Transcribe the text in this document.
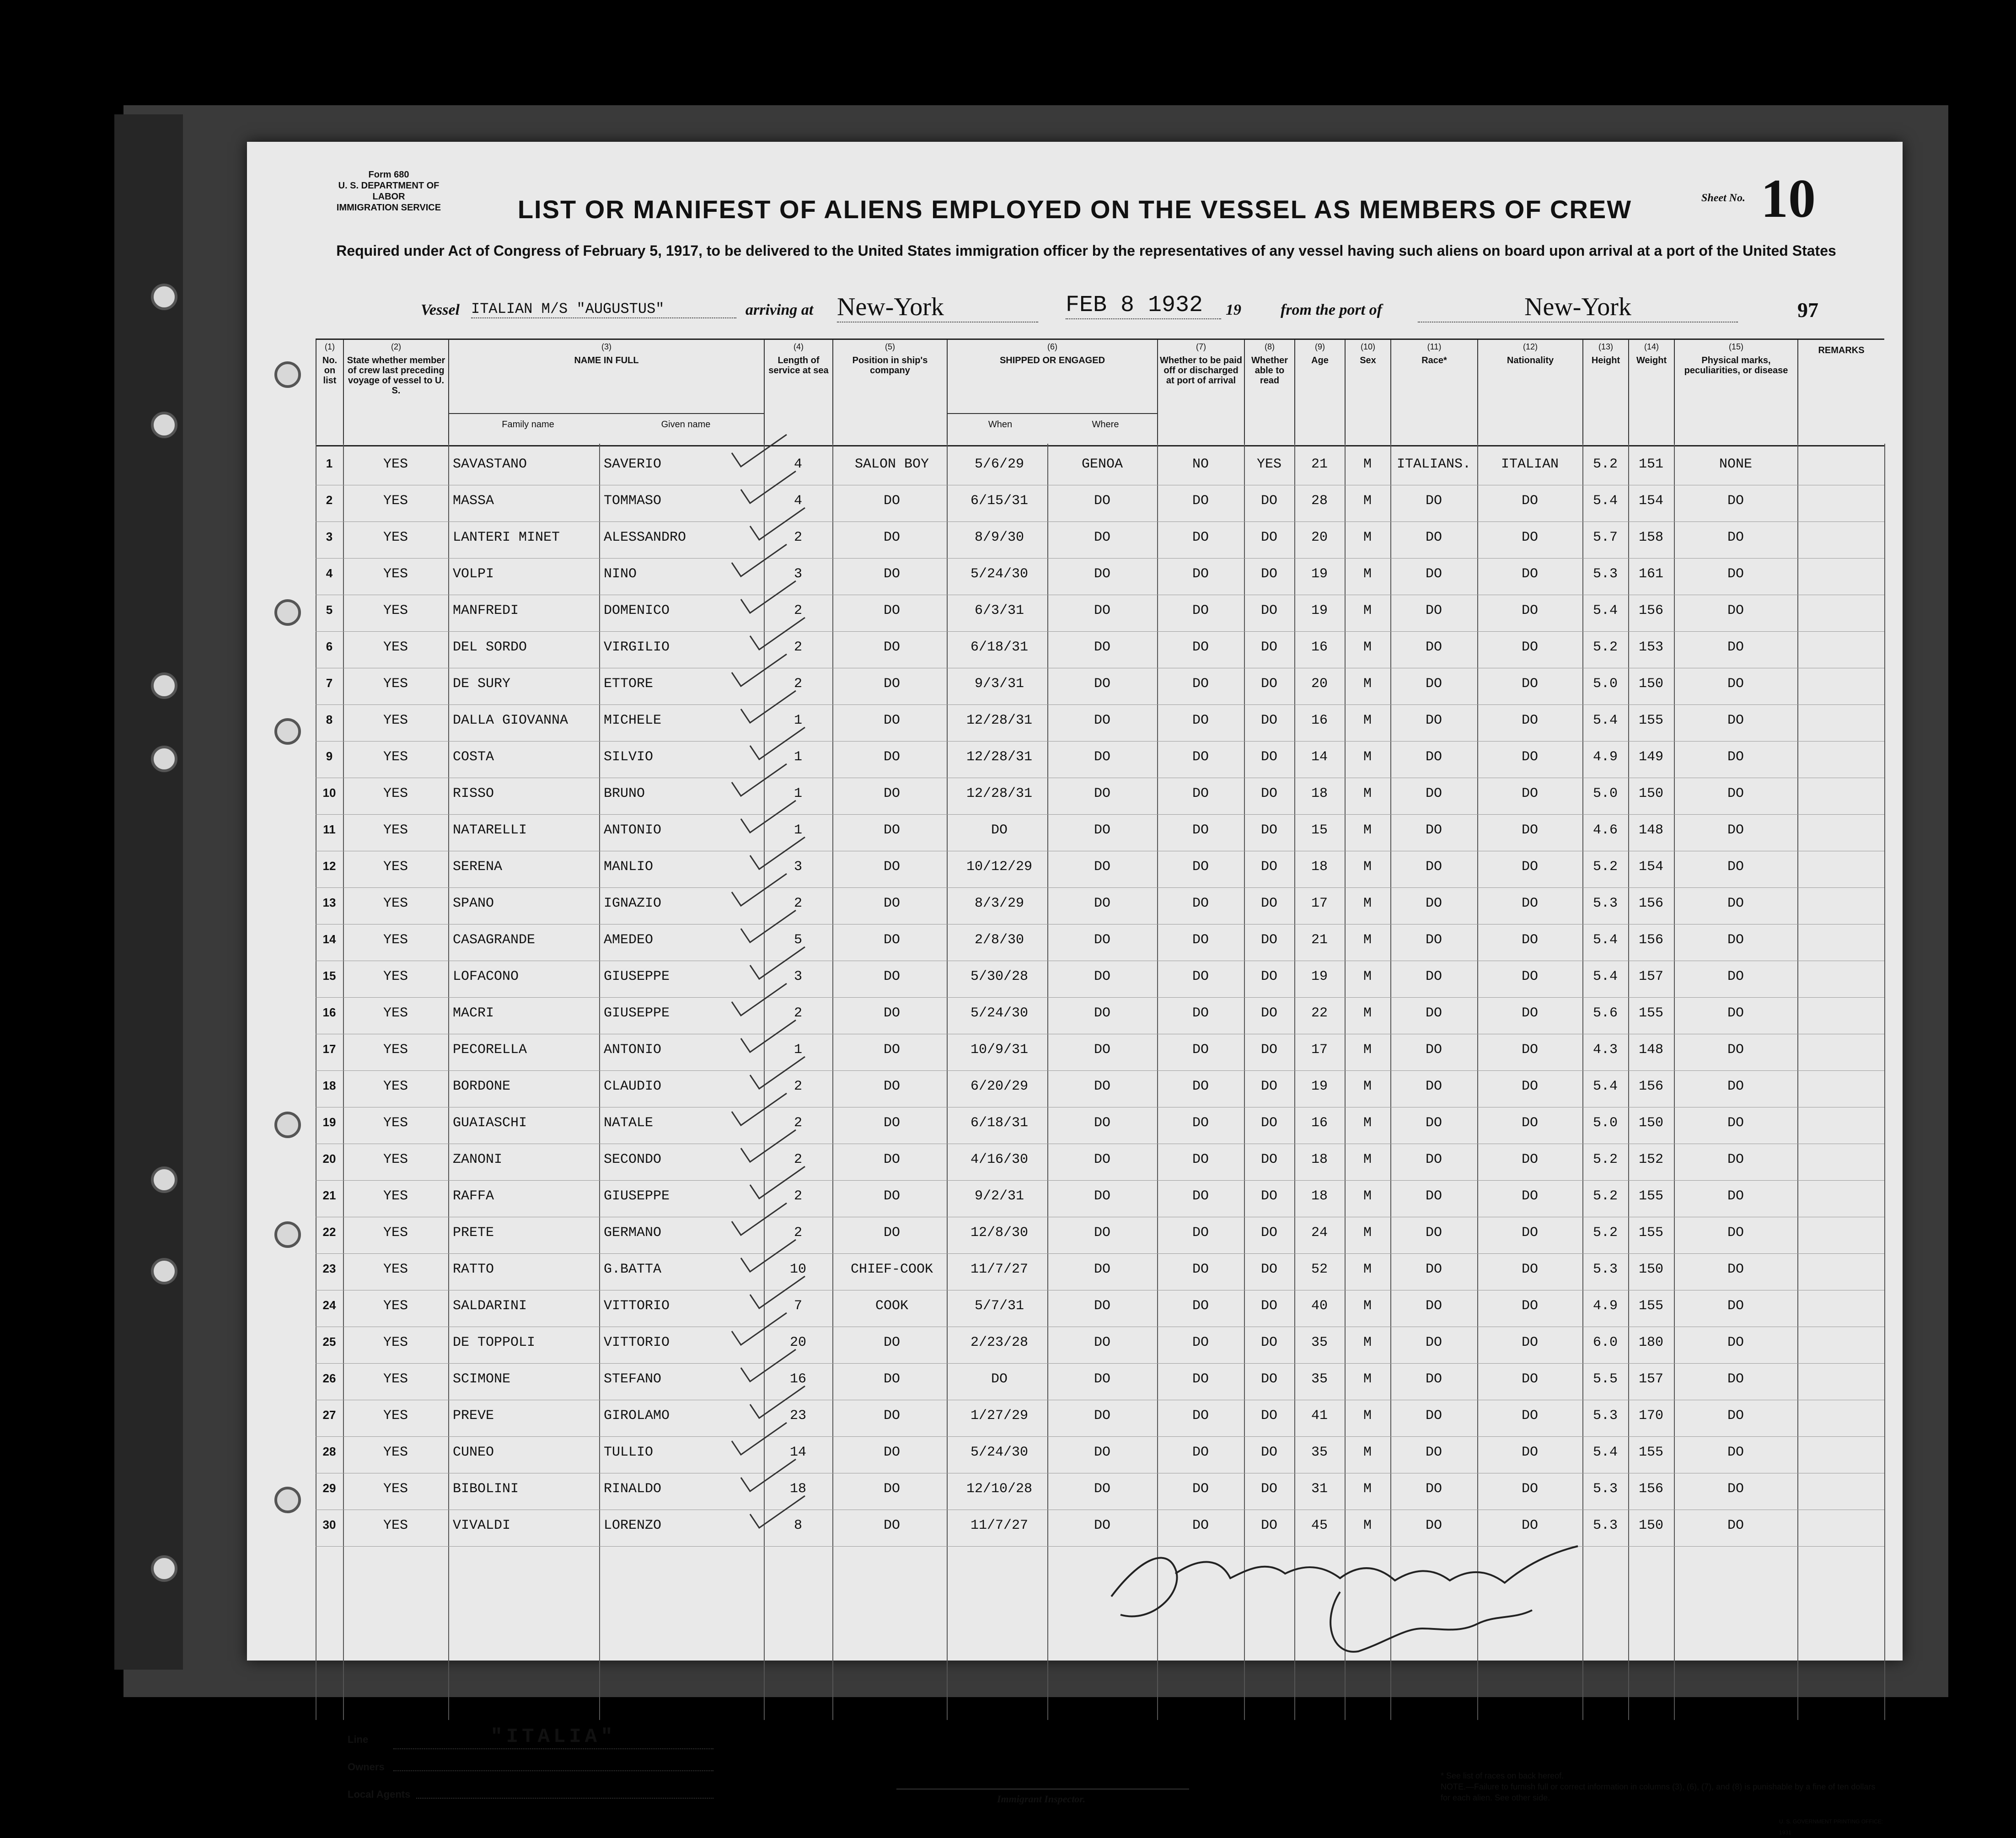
Form 680
U. S. DEPARTMENT OF LABOR
IMMIGRATION SERVICE
Sheet No. 10
LIST OR MANIFEST OF ALIENS EMPLOYED ON THE VESSEL AS MEMBERS OF CREW
Required under Act of Congress of February 5, 1917, to be delivered to the United States immigration officer by the representatives of any vessel having such aliens on board upon arrival at a port of the United States
Vessel ITALIAN M/S "AUGUSTUS"	arriving at New-York	FEB 8 1932	19	from the port of	New-York	97
(1)
No. on list
(2)
State whether member of crew last preceding voyage of vessel to U. S.
(3)
NAME IN FULL
Family name	Given name
(4)
Length of service at sea
(5)
Position in ship's company
(6)
SHIPPED OR ENGAGED
When	Where
(7)
Whether to be paid off or discharged at port of arrival
(8)
Whether able to read
(9)
Age
(10)
Sex
(11)
Race*
(12)
Nationality
(13)
Height
(14)
Weight
(15)
Physical marks, peculiarities, or disease
REMARKS
1	YES	SAVASTANO	SAVERIO	4	SALON BOY	5/6/29	GENOA	NO	YES	21	M	ITALIANS.	ITALIAN	5.2	151	NONE
2	YES	MASSA	TOMMASO	4	DO	6/15/31	DO	DO	DO	28	M	DO	DO	5.4	154	DO
3	YES	LANTERI MINET	ALESSANDRO	2	DO	8/9/30	DO	DO	DO	20	M	DO	DO	5.7	158	DO
4	YES	VOLPI	NINO	3	DO	5/24/30	DO	DO	DO	19	M	DO	DO	5.3	161	DO
5	YES	MANFREDI	DOMENICO	2	DO	6/3/31	DO	DO	DO	19	M	DO	DO	5.4	156	DO
6	YES	DEL SORDO	VIRGILIO	2	DO	6/18/31	DO	DO	DO	16	M	DO	DO	5.2	153	DO
7	YES	DE SURY	ETTORE	2	DO	9/3/31	DO	DO	DO	20	M	DO	DO	5.0	150	DO
8	YES	DALLA GIOVANNA	MICHELE	1	DO	12/28/31	DO	DO	DO	16	M	DO	DO	5.4	155	DO
9	YES	COSTA	SILVIO	1	DO	12/28/31	DO	DO	DO	14	M	DO	DO	4.9	149	DO
10	YES	RISSO	BRUNO	1	DO	12/28/31	DO	DO	DO	18	M	DO	DO	5.0	150	DO
11	YES	NATARELLI	ANTONIO	1	DO	DO	DO	DO	DO	15	M	DO	DO	4.6	148	DO
12	YES	SERENA	MANLIO	3	DO	10/12/29	DO	DO	DO	18	M	DO	DO	5.2	154	DO
13	YES	SPANO	IGNAZIO	2	DO	8/3/29	DO	DO	DO	17	M	DO	DO	5.3	156	DO
14	YES	CASAGRANDE	AMEDEO	5	DO	2/8/30	DO	DO	DO	21	M	DO	DO	5.4	156	DO
15	YES	LOFACONO	GIUSEPPE	3	DO	5/30/28	DO	DO	DO	19	M	DO	DO	5.4	157	DO
16	YES	MACRI	GIUSEPPE	2	DO	5/24/30	DO	DO	DO	22	M	DO	DO	5.6	155	DO
17	YES	PECORELLA	ANTONIO	1	DO	10/9/31	DO	DO	DO	17	M	DO	DO	4.3	148	DO
18	YES	BORDONE	CLAUDIO	2	DO	6/20/29	DO	DO	DO	19	M	DO	DO	5.4	156	DO
19	YES	GUAIASCHI	NATALE	2	DO	6/18/31	DO	DO	DO	16	M	DO	DO	5.0	150	DO
20	YES	ZANONI	SECONDO	2	DO	4/16/30	DO	DO	DO	18	M	DO	DO	5.2	152	DO
21	YES	RAFFA	GIUSEPPE	2	DO	9/2/31	DO	DO	DO	18	M	DO	DO	5.2	155	DO
22	YES	PRETE	GERMANO	2	DO	12/8/30	DO	DO	DO	24	M	DO	DO	5.2	155	DO
23	YES	RATTO	G.BATTA	10	CHIEF-COOK	11/7/27	DO	DO	DO	52	M	DO	DO	5.3	150	DO
24	YES	SALDARINI	VITTORIO	7	COOK	5/7/31	DO	DO	DO	40	M	DO	DO	4.9	155	DO
25	YES	DE TOPPOLI	VITTORIO	20	DO	2/23/28	DO	DO	DO	35	M	DO	DO	6.0	180	DO
26	YES	SCIMONE	STEFANO	16	DO	DO	DO	DO	DO	35	M	DO	DO	5.5	157	DO
27	YES	PREVE	GIROLAMO	23	DO	1/27/29	DO	DO	DO	41	M	DO	DO	5.3	170	DO
28	YES	CUNEO	TULLIO	14	DO	5/24/30	DO	DO	DO	35	M	DO	DO	5.4	155	DO
29	YES	BIBOLINI	RINALDO	18	DO	12/10/28	DO	DO	DO	31	M	DO	DO	5.3	156	DO
30	YES	VIVALDI	LORENZO	8	DO	11/7/27	DO	DO	DO	45	M	DO	DO	5.3	150	DO
Line	"ITALIA"
Owners
Local Agents	Immigrant Inspector.
* See list of races on back hereof.
NOTE.—Failure to furnish full or correct information in columns (3), (6), (7), and (8) is punishable by a fine of ten dollars for each alien. See other side.
U. S. GOVERNMENT PRINTING OFFICE: 1931
